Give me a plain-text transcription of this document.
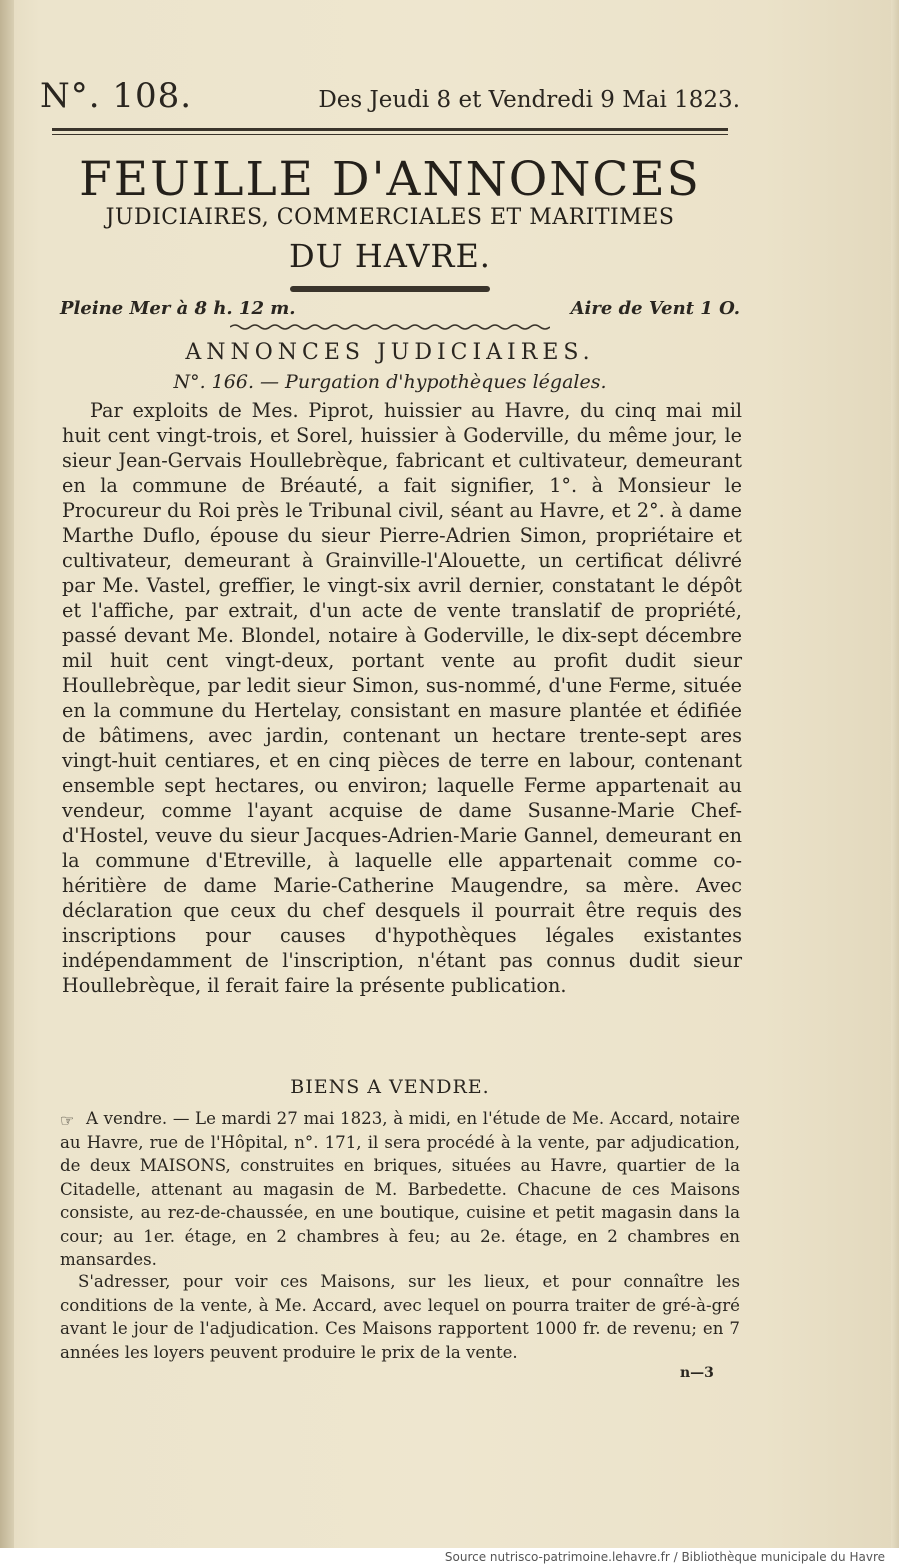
N°. 108.	Des Jeudi 8 et Vendredi 9 Mai 1823.
FEUILLE D'ANNONCES
JUDICIAIRES, COMMERCIALES ET MARITIMES
DU HAVRE.
Pleine Mer à 8 h. 12 m.	Aire de Vent 1 O.
ANNONCES JUDICIAIRES.
N°. 166. — Purgation d'hypothèques légales.
Par exploits de Mes. Piprot, huissier au Havre, du cinq mai mil huit cent vingt-trois, et Sorel, huissier à Goderville, du même jour, le sieur Jean-Gervais Houllebrèque, fabricant et cultivateur, demeurant en la commune de Bréauté, a fait signifier, 1°. à Monsieur le Procureur du Roi près le Tribunal civil, séant au Havre, et 2°. à dame Marthe Duflo, épouse du sieur Pierre-Adrien Simon, propriétaire et cultivateur, demeurant à Grainville-l'Alouette, un certificat délivré par Me. Vastel, greffier, le vingt-six avril dernier, constatant le dépôt et l'affiche, par extrait, d'un acte de vente translatif de propriété, passé devant Me. Blondel, notaire à Goderville, le dix-sept décembre mil huit cent vingt-deux, portant vente au profit dudit sieur Houllebrèque, par ledit sieur Simon, sus-nommé, d'une Ferme, située en la commune du Hertelay, consistant en masure plantée et édifiée de bâtimens, avec jardin, contenant un hectare trente-sept ares vingt-huit centiares, et en cinq pièces de terre en labour, contenant ensemble sept hectares, ou environ; laquelle Ferme appartenait au vendeur, comme l'ayant acquise de dame Susanne-Marie Chef-d'Hostel, veuve du sieur Jacques-Adrien-Marie Gannel, demeurant en la commune d'Etreville, à laquelle elle appartenait comme co-héritière de dame Marie-Catherine Maugendre, sa mère. Avec déclaration que ceux du chef desquels il pourrait être requis des inscriptions pour causes d'hypothèques légales existantes indépendamment de l'inscription, n'étant pas connus dudit sieur Houllebrèque, il ferait faire la présente publication.
BIENS A VENDRE.
☞ A vendre. — Le mardi 27 mai 1823, à midi, en l'étude de Me. Accard, notaire au Havre, rue de l'Hôpital, n°. 171, il sera procédé à la vente, par adjudication, de deux MAISONS, construites en briques, situées au Havre, quartier de la Citadelle, attenant au magasin de M. Barbedette. Chacune de ces Maisons consiste, au rez-de-chaussée, en une boutique, cuisine et petit magasin dans la cour; au 1er. étage, en 2 chambres à feu; au 2e. étage, en 2 chambres en mansardes.
S'adresser, pour voir ces Maisons, sur les lieux, et pour connaître les conditions de la vente, à Me. Accard, avec lequel on pourra traiter de gré-à-gré avant le jour de l'adjudication. Ces Maisons rapportent 1000 fr. de revenu; en 7 années les loyers peuvent produire le prix de la vente.
n—3
Source nutrisco-patrimoine.lehavre.fr / Bibliothèque municipale du Havre
